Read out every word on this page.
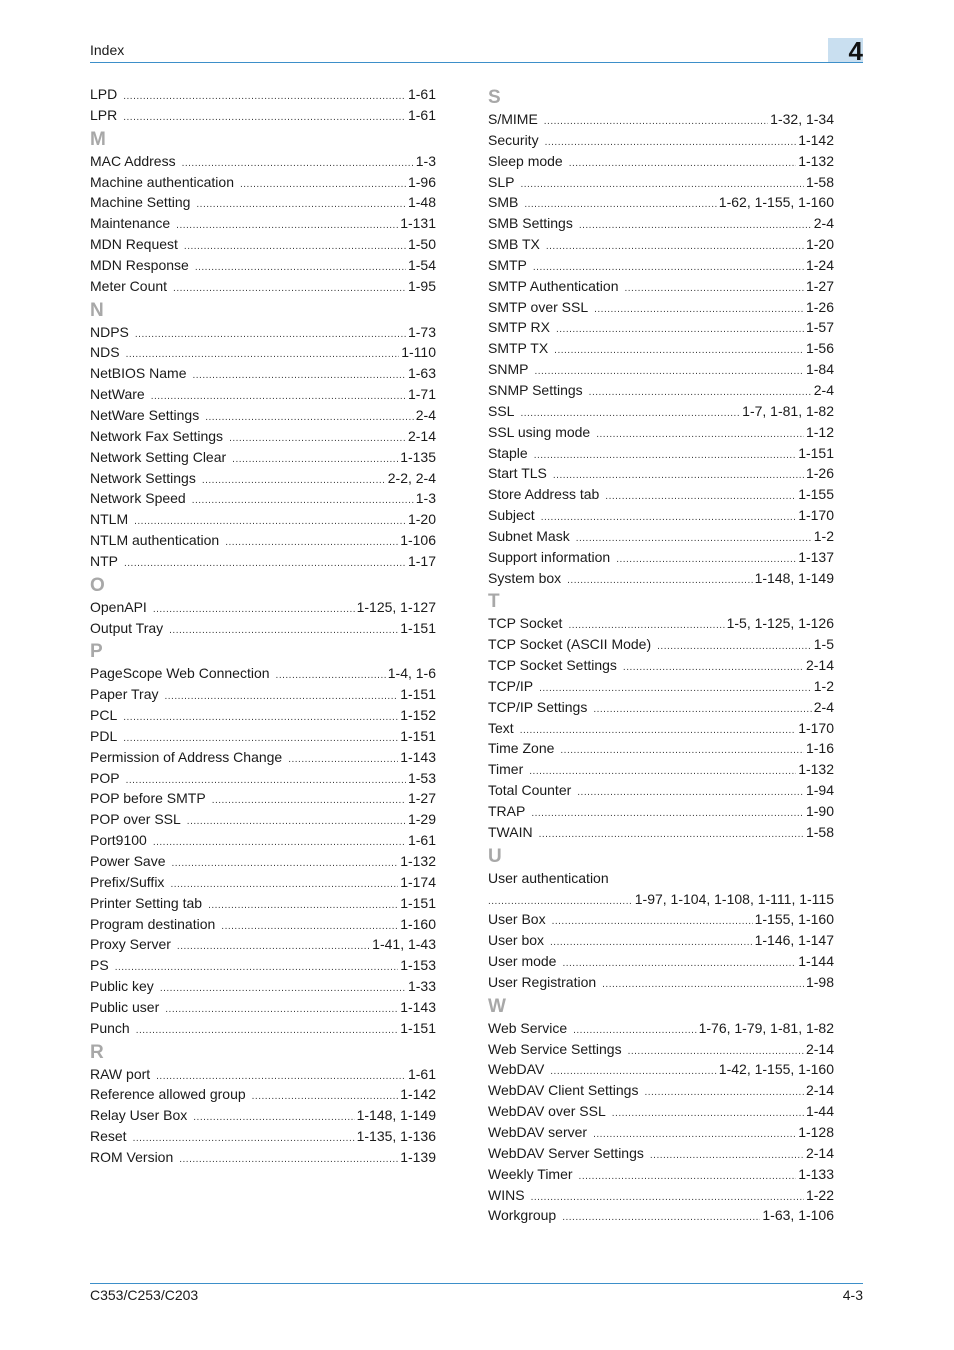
Index	4
LPD .....	1-61
LPR .....	1-61
M
MAC Address .....	1-3
Machine authentication .....	1-96
Machine Setting .....	1-48
Maintenance .....	1-131
MDN Request .....	1-50
MDN Response .....	1-54
Meter Count .....	1-95
N
NDPS .....	1-73
NDS .....	1-110
NetBIOS Name .....	1-63
NetWare .....	1-71
NetWare Settings .....	2-4
Network Fax Settings .....	2-14
Network Setting Clear .....	1-135
Network Settings .....	2-2, 2-4
Network Speed .....	1-3
NTLM .....	1-20
NTLM authentication .....	1-106
NTP .....	1-17
O
OpenAPI .....	1-125, 1-127
Output Tray .....	1-151
P
PageScope Web Connection .....	1-4, 1-6
Paper Tray .....	1-151
PCL .....	1-152
PDL .....	1-151
Permission of Address Change .....	1-143
POP .....	1-53
POP before SMTP .....	1-27
POP over SSL .....	1-29
Port9100 .....	1-61
Power Save .....	1-132
Prefix/Suffix .....	1-174
Printer Setting tab .....	1-151
Program destination .....	1-160
Proxy Server .....	1-41, 1-43
PS .....	1-153
Public key .....	1-33
Public user .....	1-143
Punch .....	1-151
R
RAW port .....	1-61
Reference allowed group .....	1-142
Relay User Box .....	1-148, 1-149
Reset .....	1-135, 1-136
ROM Version .....	1-139
S
S/MIME .....	1-32, 1-34
Security .....	1-142
Sleep mode .....	1-132
SLP .....	1-58
SMB .....	1-62, 1-155, 1-160
SMB Settings .....	2-4
SMB TX .....	1-20
SMTP .....	1-24
SMTP Authentication .....	1-27
SMTP over SSL .....	1-26
SMTP RX .....	1-57
SMTP TX .....	1-56
SNMP .....	1-84
SNMP Settings .....	2-4
SSL .....	1-7, 1-81, 1-82
SSL using mode .....	1-12
Staple .....	1-151
Start TLS .....	1-26
Store Address tab .....	1-155
Subject .....	1-170
Subnet Mask .....	1-2
Support information .....	1-137
System box .....	1-148, 1-149
T
TCP Socket .....	1-5, 1-125, 1-126
TCP Socket (ASCII Mode) .....	1-5
TCP Socket Settings .....	2-14
TCP/IP .....	1-2
TCP/IP Settings .....	2-4
Text .....	1-170
Time Zone .....	1-16
Timer .....	1-132
Total Counter .....	1-94
TRAP .....	1-90
TWAIN .....	1-58
U
User authentication
.....
1-97, 1-104, 1-108, 1-111, 1-115
User Box .....	1-155, 1-160
User box .....	1-146, 1-147
User mode .....	1-144
User Registration .....	1-98
W
Web Service .....	1-76, 1-79, 1-81, 1-82
Web Service Settings .....	2-14
WebDAV .....	1-42, 1-155, 1-160
WebDAV Client Settings .....	2-14
WebDAV over SSL .....	1-44
WebDAV server .....	1-128
WebDAV Server Settings .....	2-14
Weekly Timer .....	1-133
WINS .....	1-22
Workgroup .....	1-63, 1-106
C353/C253/C203	4-3
